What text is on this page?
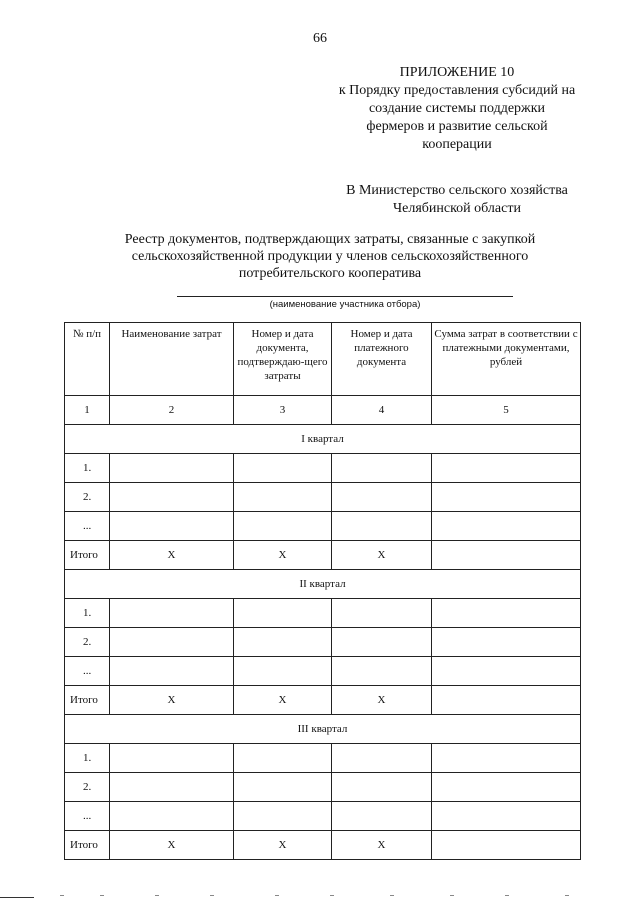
66
ПРИЛОЖЕНИЕ 10
к Порядку предоставления субсидий на
создание системы поддержки
фермеров и развитие сельской
кооперации
В Министерство сельского хозяйства
Челябинской области
Реестр документов, подтверждающих затраты, связанные с закупкой
сельскохозяйственной продукции у членов сельскохозяйственного
потребительского кооператива
(наименование участника отбора)
№ п/п	Наименование затрат	Номер и дата документа, подтверждаю-щего затраты	Номер и дата платежного документа	Сумма затрат в соответствии с платежными документами, рублей
1	2	3	4	5
I квартал				
1.				
2.				
...				
Итого	X	X	X	
II квартал				
1.				
2.				
...				
Итого	X	X	X	
III квартал				
1.				
2.				
...				
Итого	X	X	X	
